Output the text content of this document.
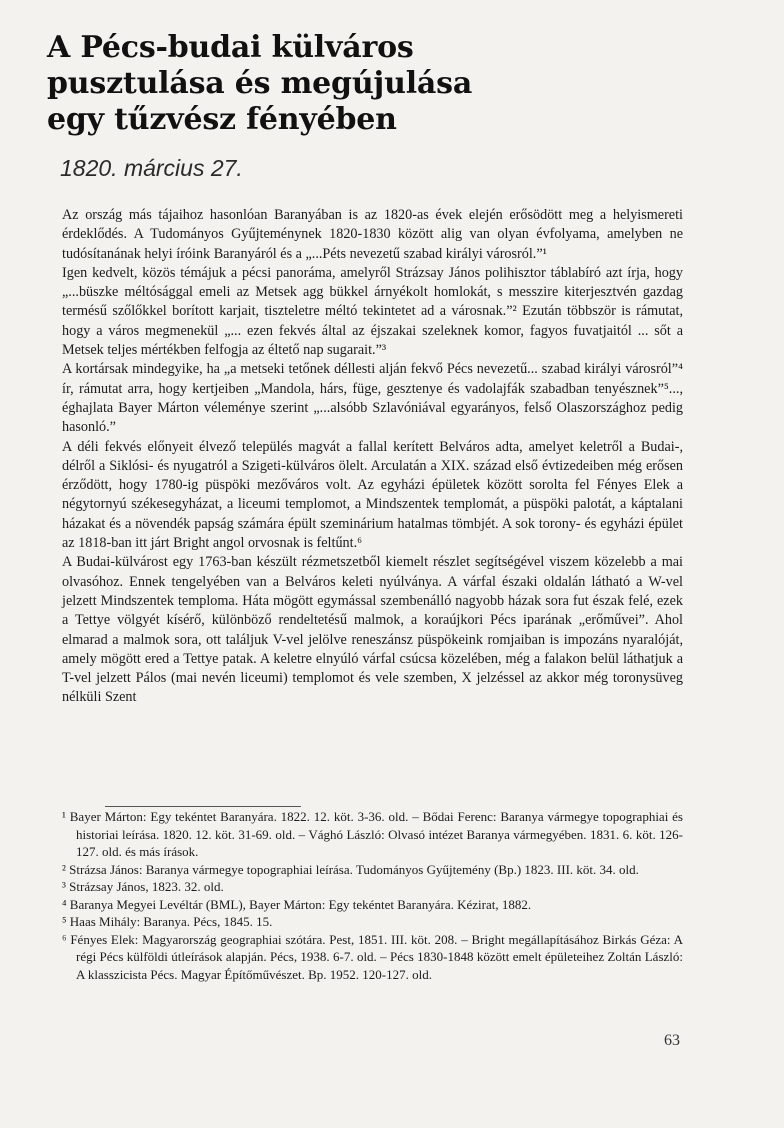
A Pécs-budai külváros pusztulása és megújulása egy tűzvész fényében
1820. március 27.

Az ország más tájaihoz hasonlóan Baranyában is az 1820-as évek elején erősödött meg a helyismereti érdeklődés. A Tudományos Gyűjteménynek 1820-1830 között alig van olyan évfolyama, amelyben ne tudósítanának helyi íróink Baranyáról és a „...Péts nevezetű szabad királyi városról.”¹

Igen kedvelt, közös témájuk a pécsi panoráma, amelyről Strázsay János polihisztor táblabíró azt írja, hogy „...büszke méltósággal emeli az Metsek agg bükkel árnyékolt homlokát, s messzire kiterjesztvén gazdag termésű szőlőkkel borított karjait, tiszteletre méltó tekintetet ad a városnak.”² Ezután többször is rámutat, hogy a város megmenekül „... ezen fekvés által az éjszakai szeleknek komor, fagyos fuvatjaitól ... sőt a Metsek teljes mértékben felfogja az éltető nap sugarait.”³

A kortársak mindegyike, ha „a metseki tetőnek déllesti alján fekvő Pécs nevezetű... szabad királyi városról”⁴ ír, rámutat arra, hogy kertjeiben „Mandola, hárs, füge, gesztenye és vadolajfák szabadban tenyésznek”⁵..., éghajlata Bayer Márton véleménye szerint „...alsóbb Szlavóniával egyarányos, felső Olaszországhoz pedig hasonló.”

A déli fekvés előnyeit élvező település magvát a fallal kerített Belváros adta, amelyet keletről a Budai-, délről a Siklósi- és nyugatról a Szigeti-külváros ölelt. Arculatán a XIX. század első évtizedeiben még erősen érződött, hogy 1780-ig püspöki mezőváros volt. Az egyházi épületek között sorolta fel Fényes Elek a négytornyú székesegyházat, a liceumi templomot, a Mindszentek templomát, a püspöki palotát, a káptalani házakat és a növendék papság számára épült szeminárium hatalmas tömbjét. A sok torony- és egyházi épület az 1818-ban itt járt Bright angol orvosnak is feltűnt.⁶

A Budai-külvárost egy 1763-ban készült rézmetszetből kiemelt részlet segítségével viszem közelebb a mai olvasóhoz. Ennek tengelyében van a Belváros keleti nyúlványa. A várfal északi oldalán látható a W-vel jelzett Mindszentek temploma. Háta mögött egymással szembenálló nagyobb házak sora fut észak felé, ezek a Tettye völgyét kísérő, különböző rendeltetésű malmok, a koraújkori Pécs iparának „erőművei”. Ahol elmarad a malmok sora, ott találjuk V-vel jelölve reneszánsz püspökeink romjaiban is impozáns nyaralóját, amely mögött ered a Tettye patak. A keletre elnyúló várfal csúcsa közelében, még a falakon belül láthatjuk a T-vel jelzett Pálos (mai nevén liceumi) templomot és vele szemben, X jelzéssel az akkor még toronysüveg nélküli Szent

¹ Bayer Márton: Egy tekéntet Baranyára. 1822. 12. köt. 3-36. old. – Bődai Ferenc: Baranya vármegye topographiai és historiai leírása. 1820. 12. köt. 31-69. old. – Vághó László: Olvasó intézet Baranya vármegyében. 1831. 6. köt. 126-127. old. és más írások.

² Strázsa János: Baranya vármegye topographiai leírása. Tudományos Gyűjtemény (Bp.) 1823. III. köt. 34. old.

³ Strázsay János, 1823. 32. old.

⁴ Baranya Megyei Levéltár (BML), Bayer Márton: Egy tekéntet Baranyára. Kézirat, 1882.

⁵ Haas Mihály: Baranya. Pécs, 1845. 15.

⁶ Fényes Elek: Magyarország geographiai szótára. Pest, 1851. III. köt. 208. – Bright megállapításához Birkás Géza: A régi Pécs külföldi útleírások alapján. Pécs, 1938. 6-7. old. – Pécs 1830-1848 között emelt épületeihez Zoltán László: A klasszicista Pécs. Magyar Építőművészet. Bp. 1952. 120-127. old.

63
